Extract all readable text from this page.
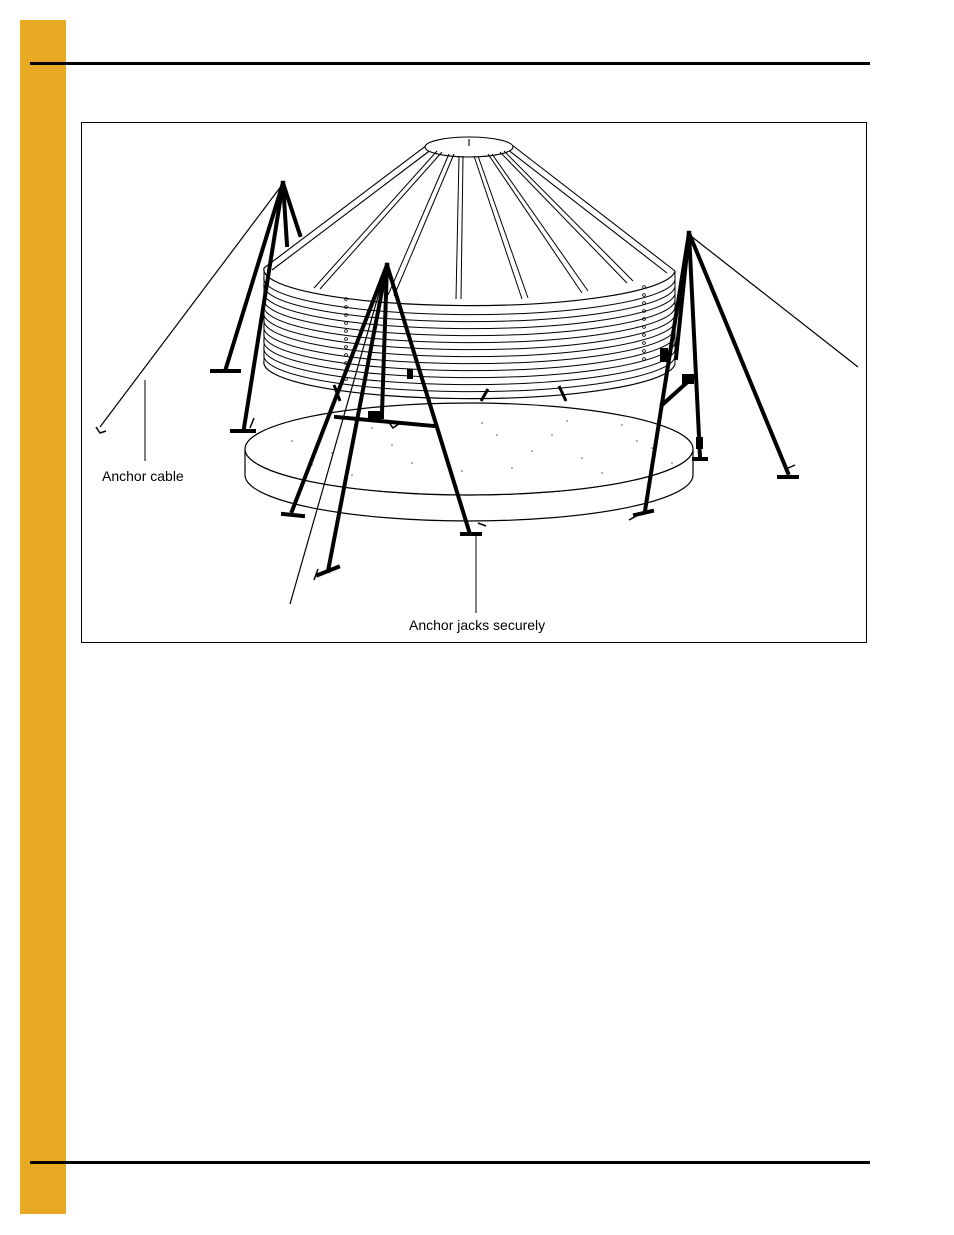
Anchor cable
Anchor jacks securely
